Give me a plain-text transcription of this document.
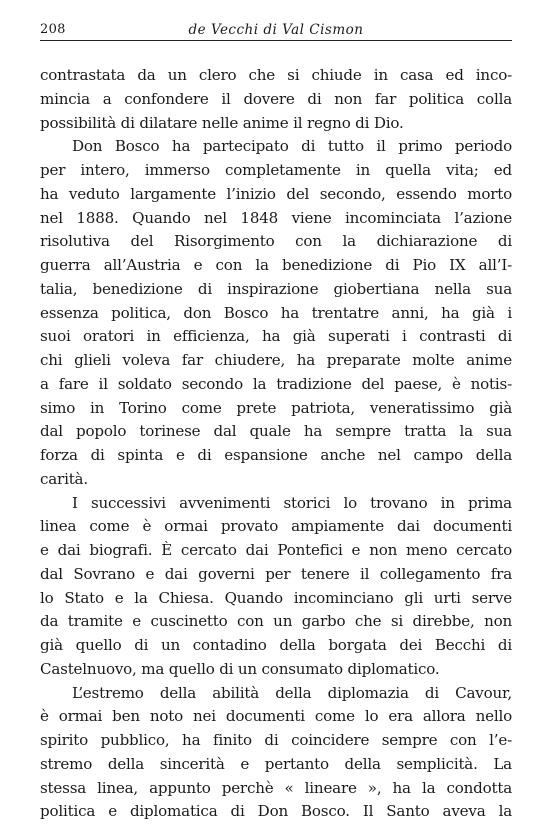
208	de Vecchi di Val Cismon
contrastata da un clero che si chiude in casa ed inco-
mincia a confondere il dovere di non far politica colla
possibilità di dilatare nelle anime il regno di Dio.
Don Bosco ha partecipato di tutto il primo periodo
per intero, immerso completamente in quella vita; ed
ha veduto largamente l’inizio del secondo, essendo morto
nel 1888. Quando nel 1848 viene incominciata l’azione
risolutiva del Risorgimento con la dichiarazione di
guerra all’Austria e con la benedizione di Pio IX all’I-
talia, benedizione di inspirazione giobertiana nella sua
essenza politica, don Bosco ha trentatre anni, ha già i
suoi oratori in efficienza, ha già superati i contrasti di
chi glieli voleva far chiudere, ha preparate molte anime
a fare il soldato secondo la tradizione del paese, è notis-
simo in Torino come prete patriota, veneratissimo già
dal popolo torinese dal quale ha sempre tratta la sua
forza di spinta e di espansione anche nel campo della
carità.
I successivi avvenimenti storici lo trovano in prima
linea come è ormai provato ampiamente dai documenti
e dai biografi. È cercato dai Pontefici e non meno cercato
dal Sovrano e dai governi per tenere il collegamento fra
lo Stato e la Chiesa. Quando incominciano gli urti serve
da tramite e cuscinetto con un garbo che si direbbe, non
già quello di un contadino della borgata dei Becchi di
Castelnuovo, ma quello di un consumato diplomatico.
L’estremo della abilità della diplomazia di Cavour,
è ormai ben noto nei documenti come lo era allora nello
spirito pubblico, ha finito di coincidere sempre con l’e-
stremo della sincerità e pertanto della semplicità. La
stessa linea, appunto perchè « lineare », ha la condotta
politica e diplomatica di Don Bosco. Il Santo aveva la
